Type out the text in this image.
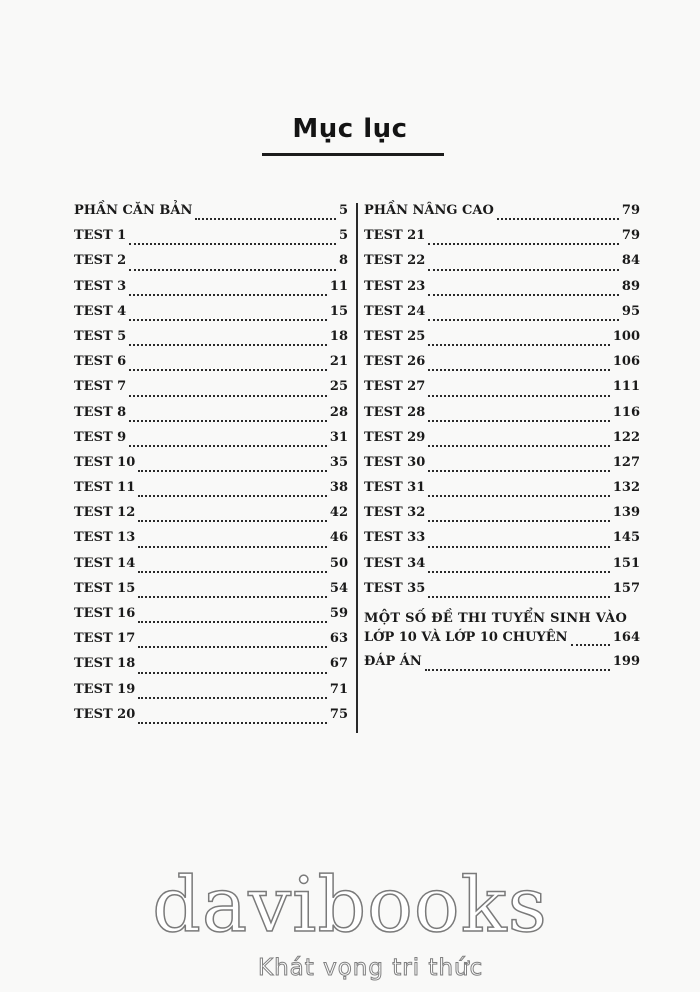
Mục lục
PHẦN CĂN BẢN	5
TEST 1	5
TEST 2	8
TEST 3	11
TEST 4	15
TEST 5	18
TEST 6	21
TEST 7	25
TEST 8	28
TEST 9	31
TEST 10	35
TEST 11	38
TEST 12	42
TEST 13	46
TEST 14	50
TEST 15	54
TEST 16	59
TEST 17	63
TEST 18	67
TEST 19	71
TEST 20	75
PHẦN NÂNG CAO	79
TEST 21	79
TEST 22	84
TEST 23	89
TEST 24	95
TEST 25	100
TEST 26	106
TEST 27	111
TEST 28	116
TEST 29	122
TEST 30	127
TEST 31	132
TEST 32	139
TEST 33	145
TEST 34	151
TEST 35	157
MỘT SỐ ĐỀ THI TUYỂN SINH VÀO
LỚP 10 VÀ LỚP 10 CHUYÊN	164
ĐÁP ÁN	199
davibooks
Khát vọng tri thức
